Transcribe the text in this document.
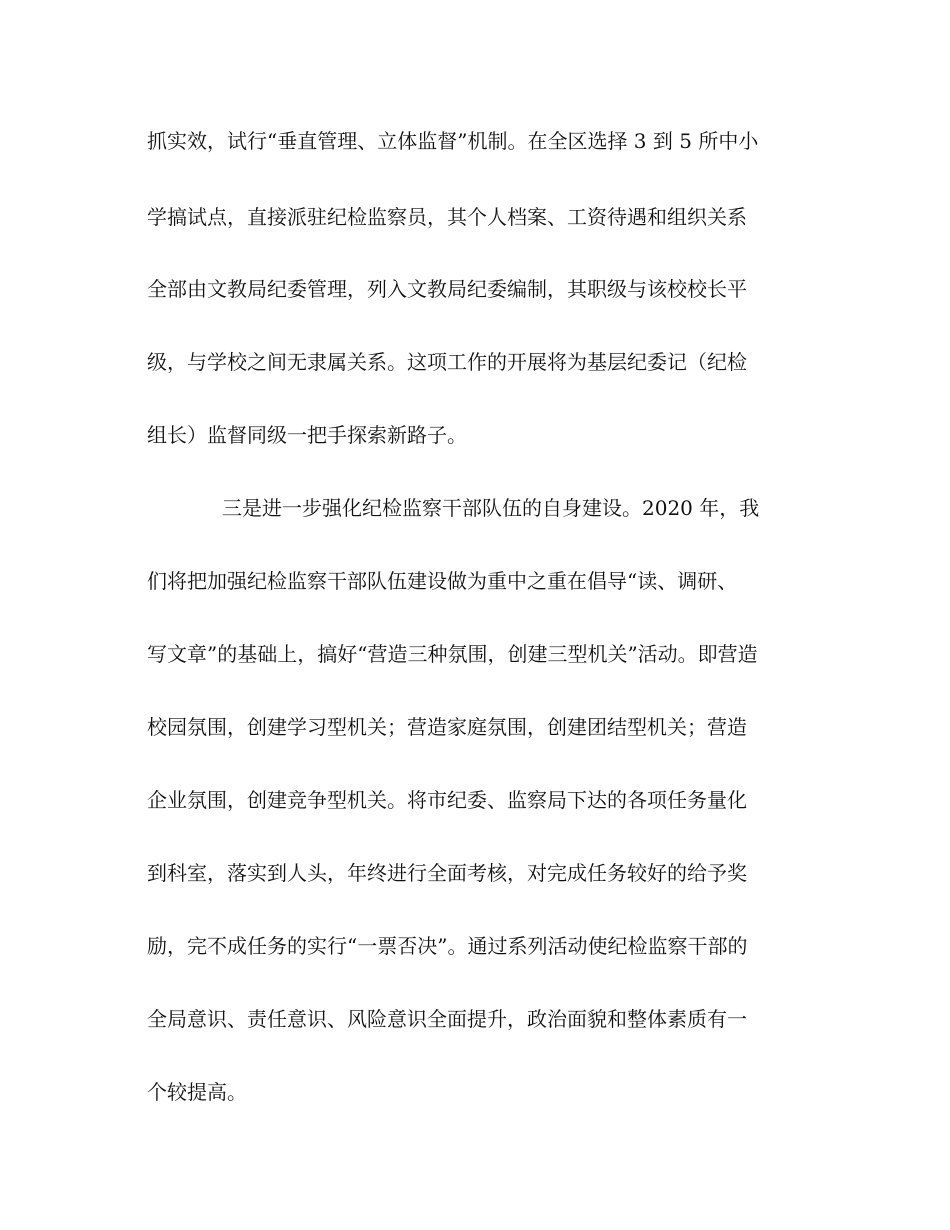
抓实效，试行“垂直管理、立体监督”机制。在全区选择 3 到 5 所中小
学搞试点，直接派驻纪检监察员，其个人档案、工资待遇和组织关系
全部由文教局纪委管理，列入文教局纪委编制，其职级与该校校长平
级，与学校之间无隶属关系。这项工作的开展将为基层纪委记（纪检
组长）监督同级一把手探索新路子。
三是进一步强化纪检监察干部队伍的自身建设。2020 年，我
们将把加强纪检监察干部队伍建设做为重中之重在倡导“读、调研、
写文章”的基础上，搞好“营造三种氛围，创建三型机关”活动。即营造
校园氛围，创建学习型机关；营造家庭氛围，创建团结型机关；营造
企业氛围，创建竞争型机关。将市纪委、监察局下达的各项任务量化
到科室，落实到人头，年终进行全面考核，对完成任务较好的给予奖
励，完不成任务的实行“一票否决”。通过系列活动使纪检监察干部的
全局意识、责任意识、风险意识全面提升，政治面貌和整体素质有一
个较提高。
